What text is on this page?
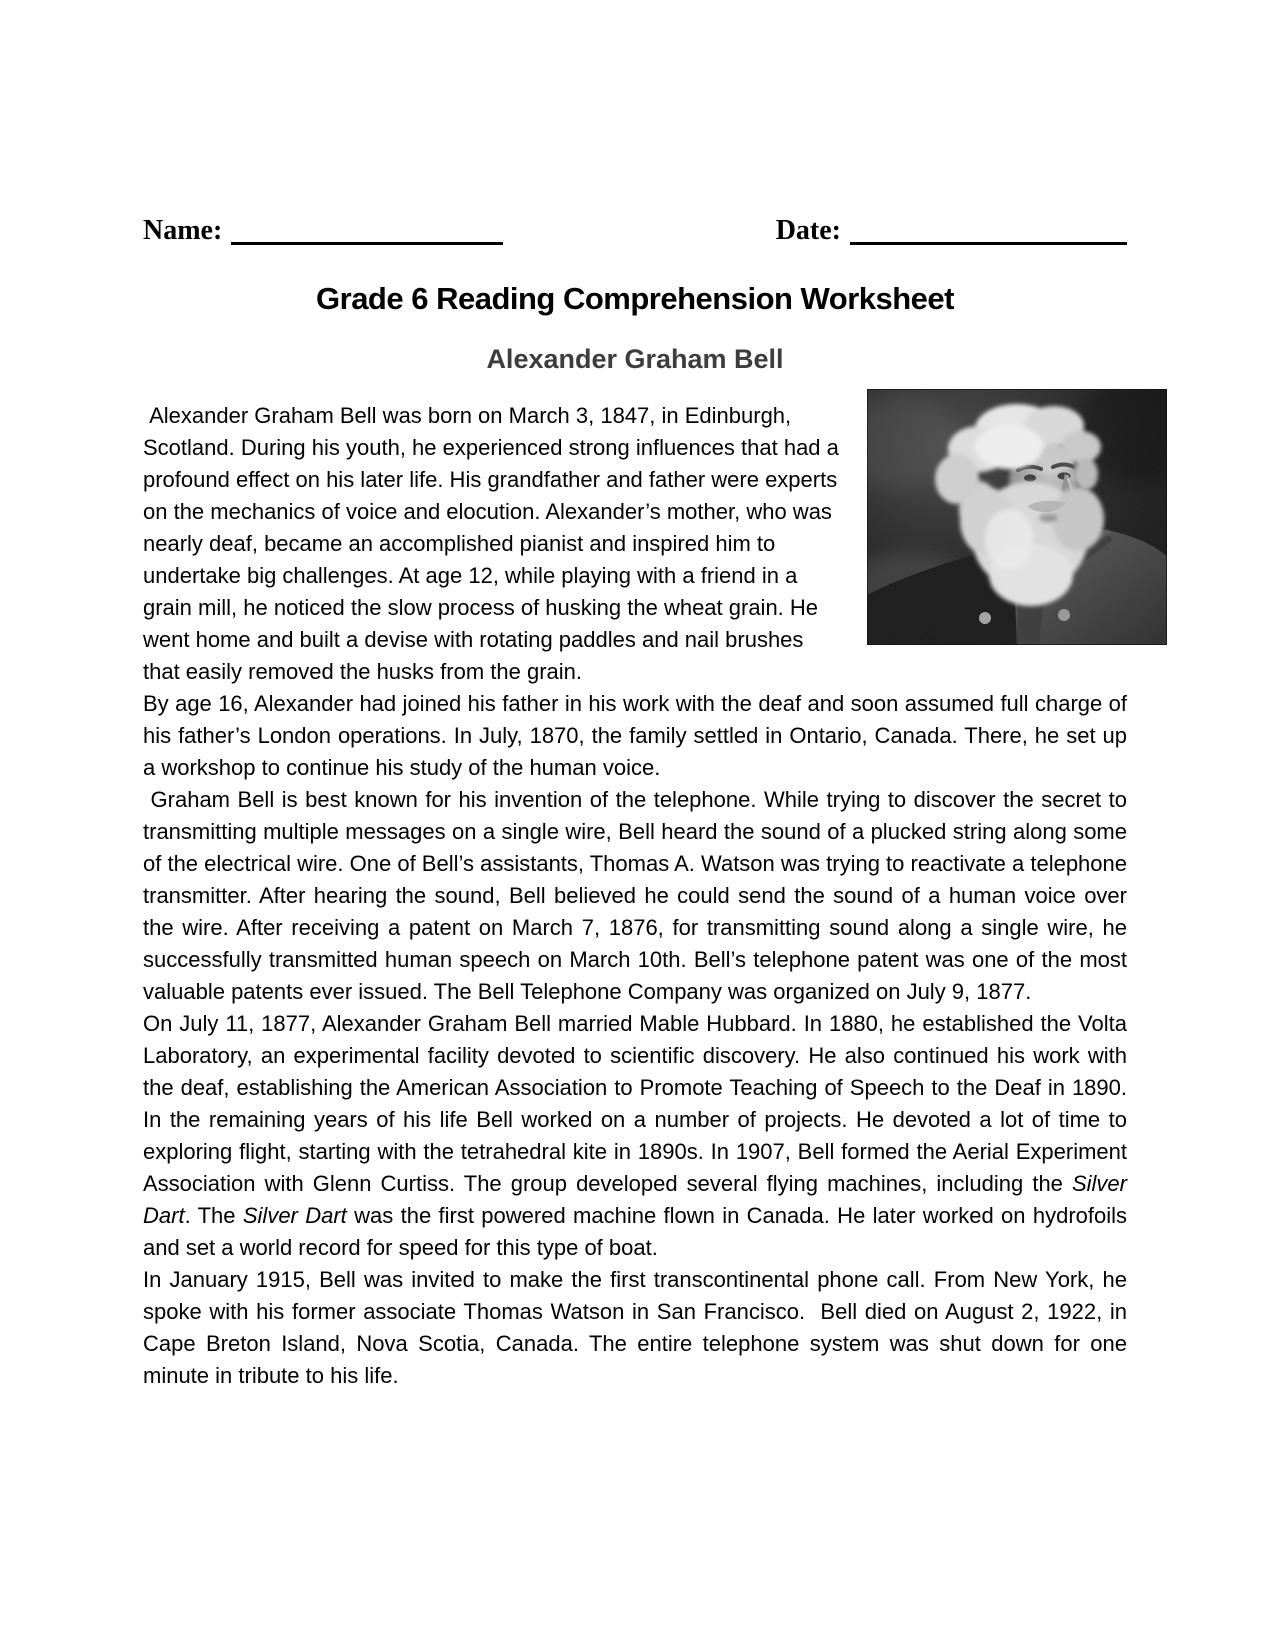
Name:	Date:
Grade 6 Reading Comprehension Worksheet
Alexander Graham Bell

Alexander Graham Bell was born on March 3, 1847, in Edinburgh, Scotland. During his youth, he experienced strong influences that had a profound effect on his later life. His grandfather and father were experts on the mechanics of voice and elocution. Alexander’s mother, who was nearly deaf, became an accomplished pianist and inspired him to undertake big challenges. At age 12, while playing with a friend in a grain mill, he noticed the slow process of husking the wheat grain. He went home and built a devise with rotating paddles and nail brushes that easily removed the husks from the grain.

By age 16, Alexander had joined his father in his work with the deaf and soon assumed full charge of his father’s London operations. In July, 1870, the family settled in Ontario, Canada. There, he set up a workshop to continue his study of the human voice.

Graham Bell is best known for his invention of the telephone. While trying to discover the secret to transmitting multiple messages on a single wire, Bell heard the sound of a plucked string along some of the electrical wire. One of Bell’s assistants, Thomas A. Watson was trying to reactivate a telephone transmitter. After hearing the sound, Bell believed he could send the sound of a human voice over the wire. After receiving a patent on March 7, 1876, for transmitting sound along a single wire, he successfully transmitted human speech on March 10th. Bell’s telephone patent was one of the most valuable patents ever issued. The Bell Telephone Company was organized on July 9, 1877.

On July 11, 1877, Alexander Graham Bell married Mable Hubbard. In 1880, he established the Volta Laboratory, an experimental facility devoted to scientific discovery. He also continued his work with the deaf, establishing the American Association to Promote Teaching of Speech to the Deaf in 1890.  In the remaining years of his life Bell worked on a number of projects. He devoted a lot of time to exploring flight, starting with the tetrahedral kite in 1890s. In 1907, Bell formed the Aerial Experiment Association with Glenn Curtiss. The group developed several flying machines, including the Silver Dart. The Silver Dart was the first powered machine flown in Canada. He later worked on hydrofoils and set a world record for speed for this type of boat.

In January 1915, Bell was invited to make the first transcontinental phone call. From New York, he spoke with his former associate Thomas Watson in San Francisco.  Bell died on August 2, 1922, in Cape Breton Island, Nova Scotia, Canada. The entire telephone system was shut down for one minute in tribute to his life.
